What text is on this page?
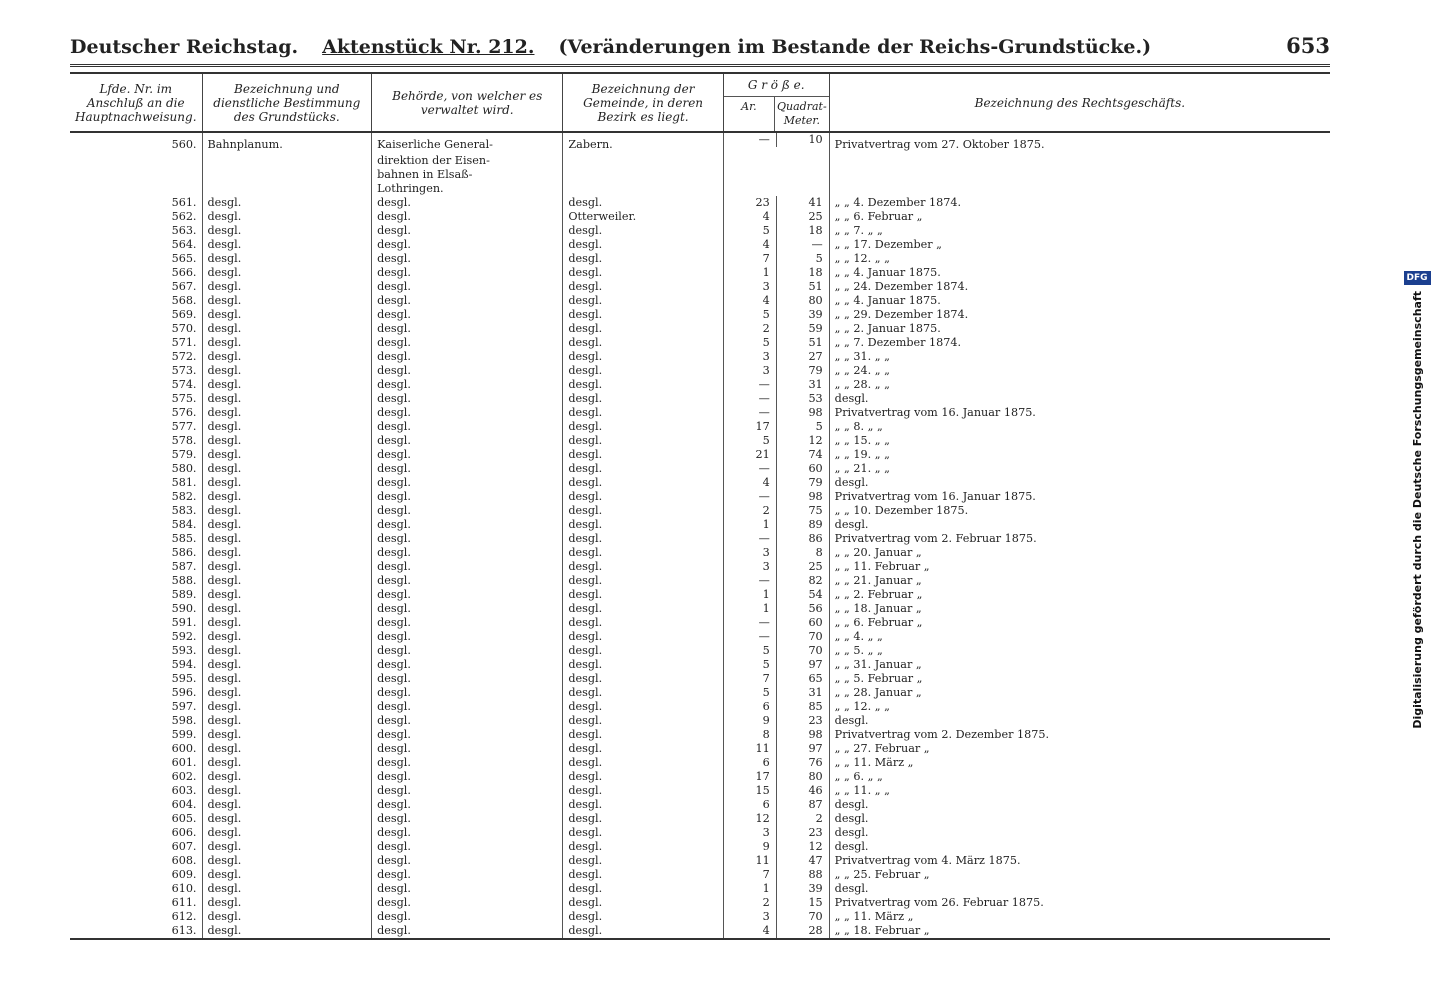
Deutscher Reichstag. Aktenstück Nr. 212. (Veränderungen im Bestande der Reichs-Grundstücke.)	653
Lfde. Nr. im Anschluß an die Hauptnachweisung.	Bezeichnung und dienstliche Bestimmung des Grundstücks.	Behörde, von welcher es verwaltet wird.	Bezeichnung der Gemeinde, in deren Bezirk es liegt.	G r ö ß e.
Ar. Quadrat-Meter.	Bezeichnung des Rechtsgeschäfts.
560.	Bahnplanum.	Kaiserliche General-	Zabern.	— 10	Privatvertrag vom 27. Oktober 1875.
		direktion der Eisen-		

		bahnen in Elsaß-		

		Lothringen.		

561.	desgl.	desgl.	desgl.	23 41	„ „ 4. Dezember 1874.
562.	desgl.	desgl.	Otterweiler.	4 25	„ „ 6. Februar „
563.	desgl.	desgl.	desgl.	5 18	„ „ 7. „ „
564.	desgl.	desgl.	desgl.	4 —	„ „ 17. Dezember „
565.	desgl.	desgl.	desgl.	7 5	„ „ 12. „ „
566.	desgl.	desgl.	desgl.	1 18	„ „ 4. Januar 1875.
567.	desgl.	desgl.	desgl.	3 51	„ „ 24. Dezember 1874.
568.	desgl.	desgl.	desgl.	4 80	„ „ 4. Januar 1875.
569.	desgl.	desgl.	desgl.	5 39	„ „ 29. Dezember 1874.
570.	desgl.	desgl.	desgl.	2 59	„ „ 2. Januar 1875.
571.	desgl.	desgl.	desgl.	5 51	„ „ 7. Dezember 1874.
572.	desgl.	desgl.	desgl.	3 27	„ „ 31. „ „
573.	desgl.	desgl.	desgl.	3 79	„ „ 24. „ „
574.	desgl.	desgl.	desgl.	— 31	„ „ 28. „ „
575.	desgl.	desgl.	desgl.	— 53	desgl.
576.	desgl.	desgl.	desgl.	— 98	Privatvertrag vom 16. Januar 1875.
577.	desgl.	desgl.	desgl.	17 5	„ „ 8. „ „
578.	desgl.	desgl.	desgl.	5 12	„ „ 15. „ „
579.	desgl.	desgl.	desgl.	21 74	„ „ 19. „ „
580.	desgl.	desgl.	desgl.	— 60	„ „ 21. „ „
581.	desgl.	desgl.	desgl.	4 79	desgl.
582.	desgl.	desgl.	desgl.	— 98	Privatvertrag vom 16. Januar 1875.
583.	desgl.	desgl.	desgl.	2 75	„ „ 10. Dezember 1875.
584.	desgl.	desgl.	desgl.	1 89	desgl.
585.	desgl.	desgl.	desgl.	— 86	Privatvertrag vom 2. Februar 1875.
586.	desgl.	desgl.	desgl.	3 8	„ „ 20. Januar „
587.	desgl.	desgl.	desgl.	3 25	„ „ 11. Februar „
588.	desgl.	desgl.	desgl.	— 82	„ „ 21. Januar „
589.	desgl.	desgl.	desgl.	1 54	„ „ 2. Februar „
590.	desgl.	desgl.	desgl.	1 56	„ „ 18. Januar „
591.	desgl.	desgl.	desgl.	— 60	„ „ 6. Februar „
592.	desgl.	desgl.	desgl.	— 70	„ „ 4. „ „
593.	desgl.	desgl.	desgl.	5 70	„ „ 5. „ „
594.	desgl.	desgl.	desgl.	5 97	„ „ 31. Januar „
595.	desgl.	desgl.	desgl.	7 65	„ „ 5. Februar „
596.	desgl.	desgl.	desgl.	5 31	„ „ 28. Januar „
597.	desgl.	desgl.	desgl.	6 85	„ „ 12. „ „
598.	desgl.	desgl.	desgl.	9 23	desgl.
599.	desgl.	desgl.	desgl.	8 98	Privatvertrag vom 2. Dezember 1875.
600.	desgl.	desgl.	desgl.	11 97	„ „ 27. Februar „
601.	desgl.	desgl.	desgl.	6 76	„ „ 11. März „
602.	desgl.	desgl.	desgl.	17 80	„ „ 6. „ „
603.	desgl.	desgl.	desgl.	15 46	„ „ 11. „ „
604.	desgl.	desgl.	desgl.	6 87	desgl.
605.	desgl.	desgl.	desgl.	12 2	desgl.
606.	desgl.	desgl.	desgl.	3 23	desgl.
607.	desgl.	desgl.	desgl.	9 12	desgl.
608.	desgl.	desgl.	desgl.	11 47	Privatvertrag vom 4. März 1875.
609.	desgl.	desgl.	desgl.	7 88	„ „ 25. Februar „
610.	desgl.	desgl.	desgl.	1 39	desgl.
611.	desgl.	desgl.	desgl.	2 15	Privatvertrag vom 26. Februar 1875.
612.	desgl.	desgl.	desgl.	3 70	„ „ 11. März „
613.	desgl.	desgl.	desgl.	4 28	„ „ 18. Februar „
DFG
Digitalisierung gefördert durch die Deutsche Forschungsgemeinschaft
